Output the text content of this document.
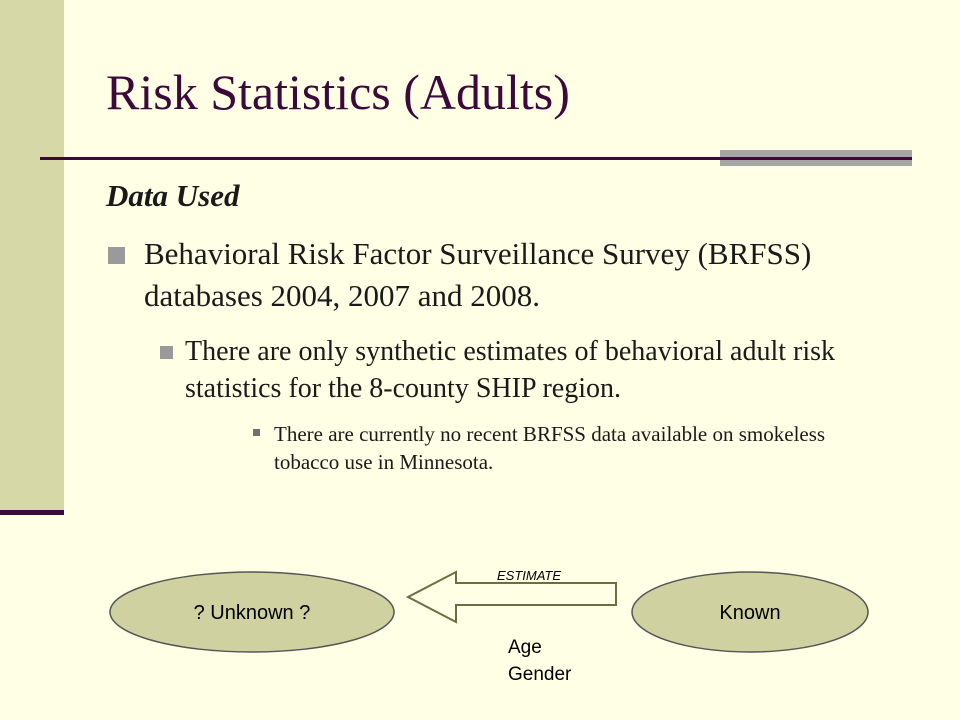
Risk Statistics (Adults)
Data Used
Behavioral Risk Factor Surveillance Survey (BRFSS) databases 2004, 2007 and 2008.
There are only synthetic estimates of behavioral adult risk statistics for the 8-county SHIP region.
There are currently no recent BRFSS data available on smokeless tobacco use in Minnesota.
? Unknown ?	Known
ESTIMATE
Age
Gender
